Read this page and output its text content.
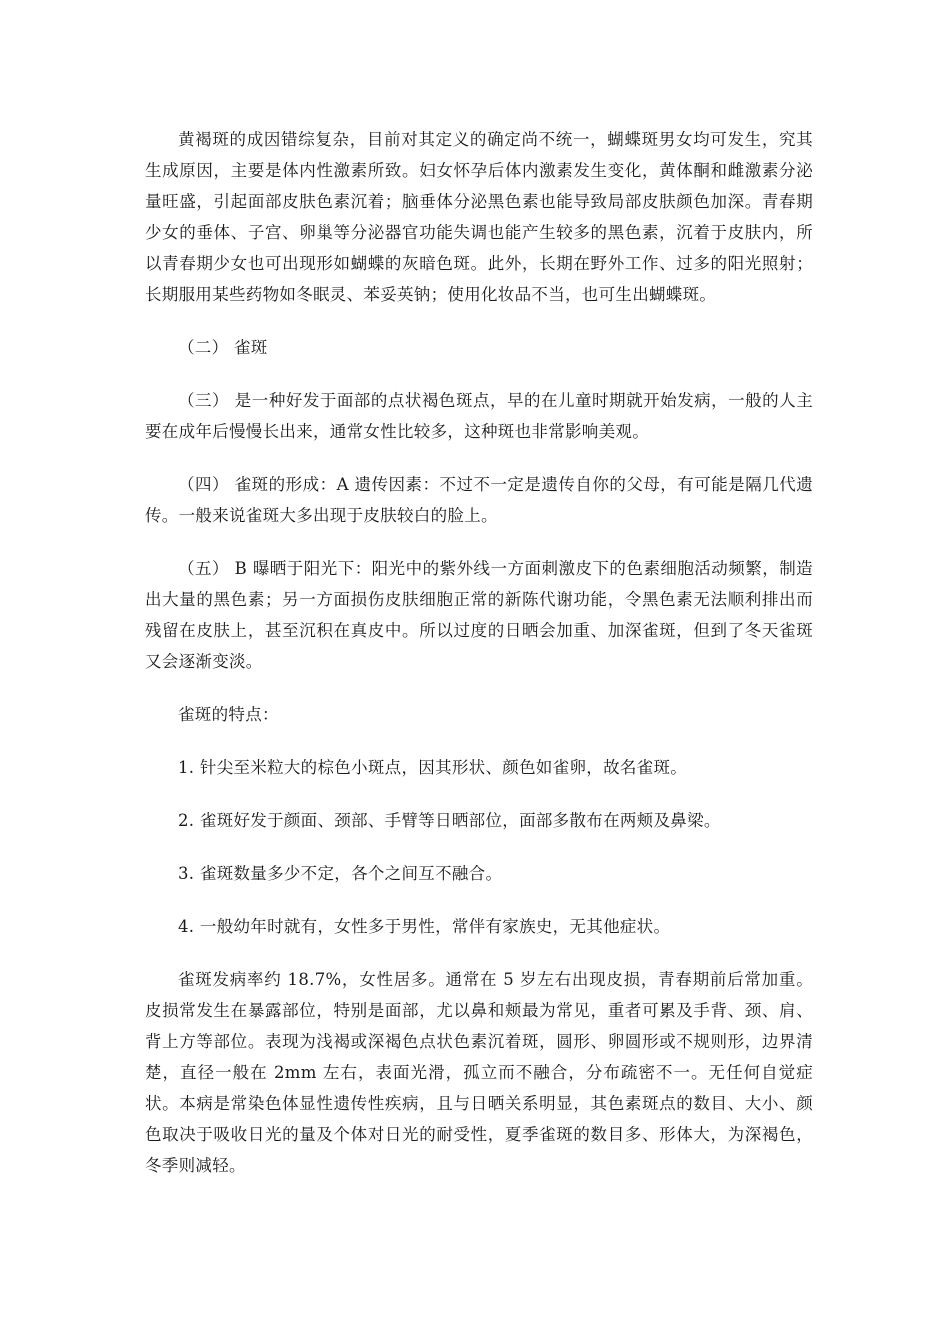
黄褐斑的成因错综复杂，目前对其定义的确定尚不统一，蝴蝶斑男女均可发生，究其生成原因，主要是体内性激素所致。妇女怀孕后体内激素发生变化，黄体酮和雌激素分泌量旺盛，引起面部皮肤色素沉着；脑垂体分泌黑色素也能导致局部皮肤颜色加深。青春期少女的垂体、子宫、卵巢等分泌器官功能失调也能产生较多的黑色素，沉着于皮肤内，所以青春期少女也可出现形如蝴蝶的灰暗色斑。此外，长期在野外工作、过多的阳光照射；长期服用某些药物如冬眠灵、苯妥英钠；使用化妆品不当，也可生出蝴蝶斑。

（二） 雀斑

（三） 是一种好发于面部的点状褐色斑点，早的在儿童时期就开始发病，一般的人主要在成年后慢慢长出来，通常女性比较多，这种斑也非常影响美观。

（四） 雀斑的形成：A 遗传因素：不过不一定是遗传自你的父母，有可能是隔几代遗传。一般来说雀斑大多出现于皮肤较白的脸上。

（五） B 曝晒于阳光下：阳光中的紫外线一方面刺激皮下的色素细胞活动频繁，制造出大量的黑色素；另一方面损伤皮肤细胞正常的新陈代谢功能，令黑色素无法顺利排出而残留在皮肤上，甚至沉积在真皮中。所以过度的日晒会加重、加深雀斑，但到了冬天雀斑又会逐渐变淡。

雀斑的特点：

1. 针尖至米粒大的棕色小斑点，因其形状、颜色如雀卵，故名雀斑。

2. 雀斑好发于颜面、颈部、手臂等日晒部位，面部多散布在两颊及鼻梁。

3. 雀斑数量多少不定，各个之间互不融合。

4. 一般幼年时就有，女性多于男性，常伴有家族史，无其他症状。

雀斑发病率约 18.7%，女性居多。通常在 5 岁左右出现皮损，青春期前后常加重。皮损常发生在暴露部位，特别是面部，尤以鼻和颊最为常见，重者可累及手背、颈、肩、背上方等部位。表现为浅褐或深褐色点状色素沉着斑，圆形、卵圆形或不规则形，边界清楚，直径一般在 2mm 左右，表面光滑，孤立而不融合，分布疏密不一。无任何自觉症状。本病是常染色体显性遗传性疾病，且与日晒关系明显，其色素斑点的数目、大小、颜色取决于吸收日光的量及个体对日光的耐受性，夏季雀斑的数目多、形体大，为深褐色，冬季则减轻。
